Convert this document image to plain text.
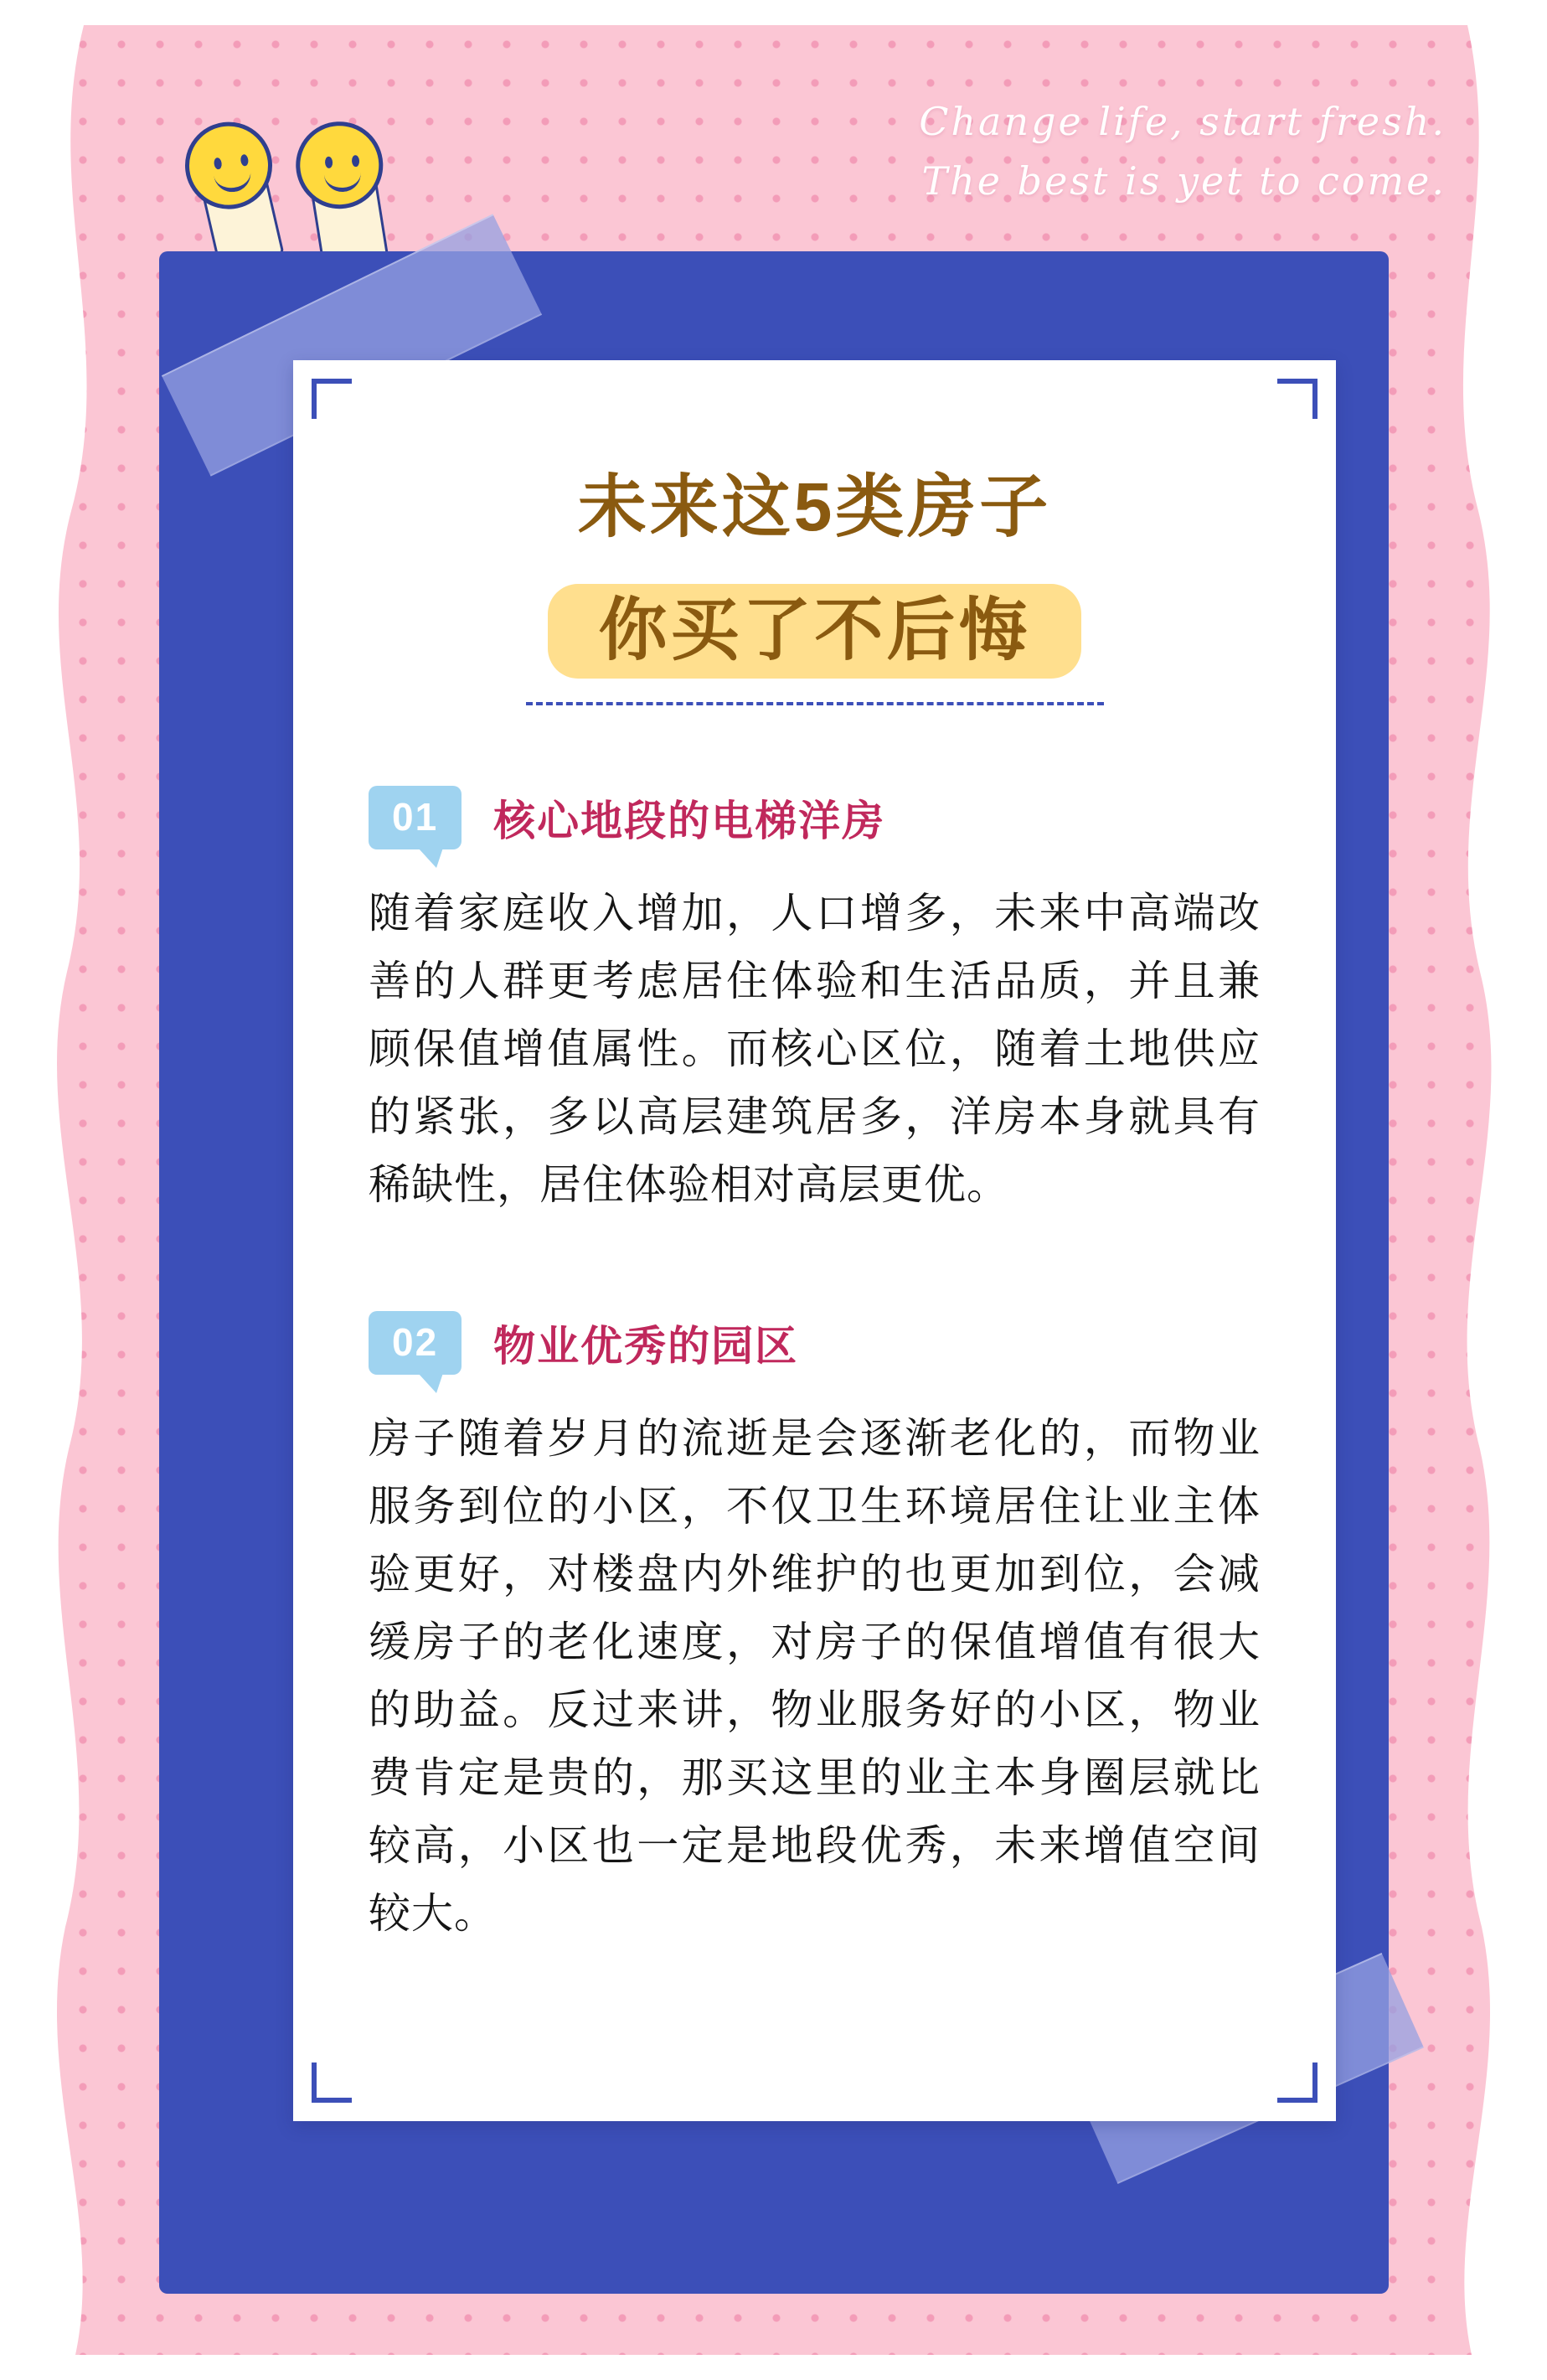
Change life, start fresh.
The best is yet to come.
未来这5类房子
你买了不后悔
01	核心地段的电梯洋房
随着家庭收入增加，人口增多，未来中高端改善的人群更考虑居住体验和生活品质，并且兼顾保值增值属性。而核心区位，随着土地供应的紧张，多以高层建筑居多，洋房本身就具有稀缺性，居住体验相对高层更优。
02	物业优秀的园区
房子随着岁月的流逝是会逐渐老化的，而物业服务到位的小区，不仅卫生环境居住让业主体验更好，对楼盘内外维护的也更加到位，会减缓房子的老化速度，对房子的保值增值有很大的助益。反过来讲，物业服务好的小区，物业费肯定是贵的，那买这里的业主本身圈层就比较高，小区也一定是地段优秀，未来增值空间较大。
